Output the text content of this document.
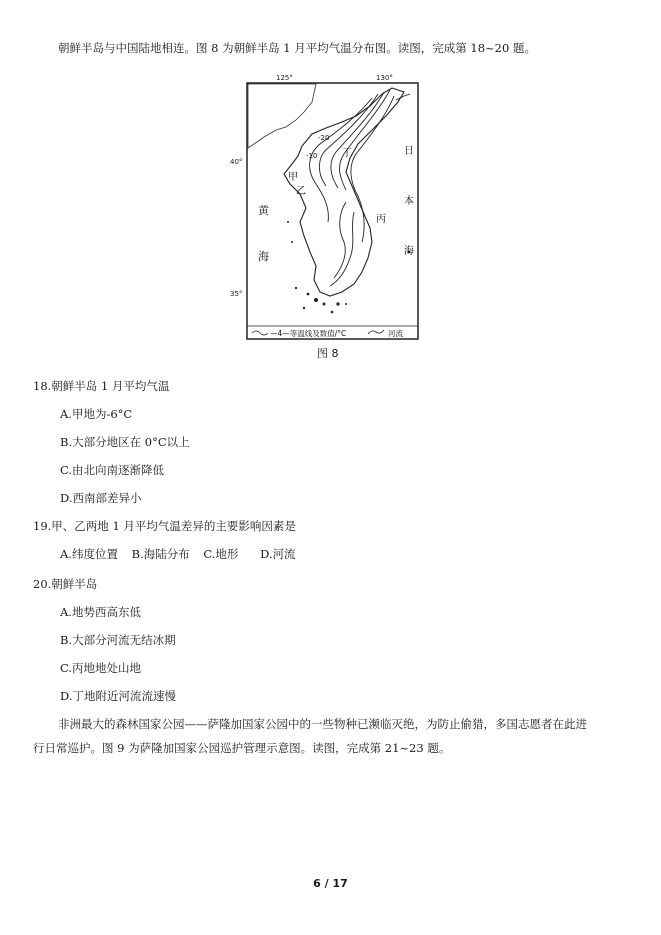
朝鲜半岛与中国陆地相连。图 8 为朝鲜半岛 1 月平均气温分布图。读图，完成第 18~20 题。
125°	130°
甲
乙
丙
丁
黄
海
日
本
海
-20
-10
—4—等温线及数值/°C	河流
40°
35°
图 8
18.朝鲜半岛 1 月平均气温
A.甲地为-6°C
B.大部分地区在 0°C以上
C.由北向南逐渐降低
D.西南部差异小
19.甲、乙两地 1 月平均气温差异的主要影响因素是
A.纬度位置 B.海陆分布 C.地形 D.河流
20.朝鲜半岛
A.地势西高东低
B.大部分河流无结冰期
C.丙地地处山地
D.丁地附近河流流速慢
非洲最大的森林国家公园——萨隆加国家公园中的一些物种已濒临灭绝，为防止偷猎，多国志愿者在此进
行日常巡护。图 9 为萨隆加国家公园巡护管理示意图。读图，完成第 21~23 题。
6 / 17
